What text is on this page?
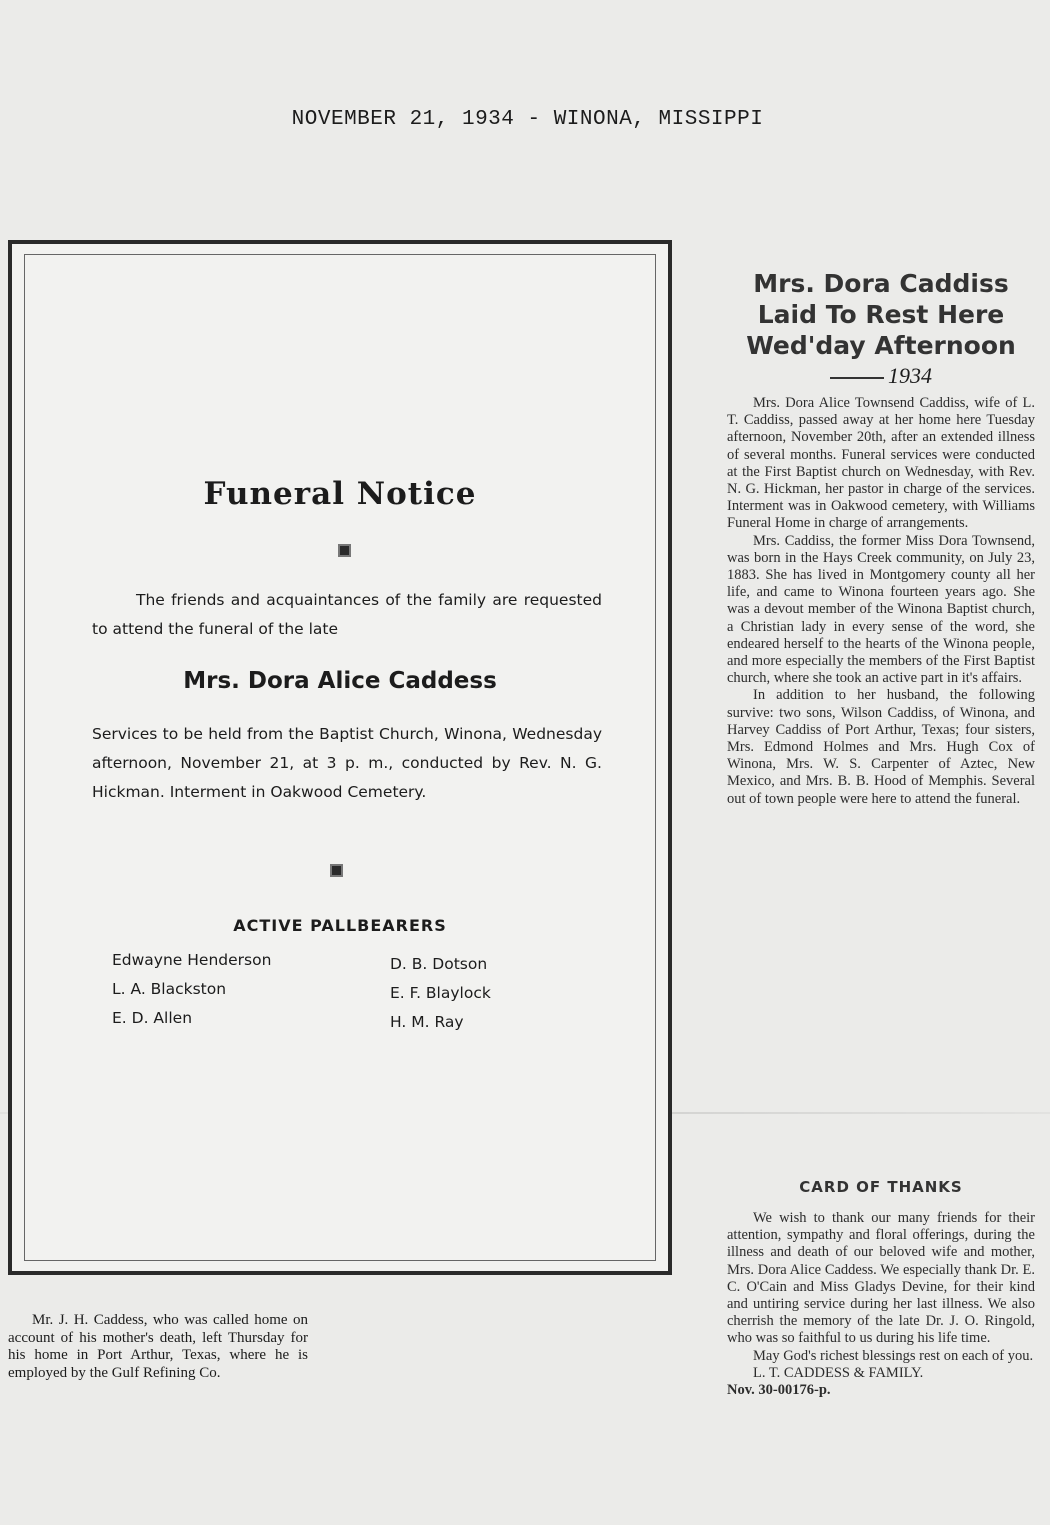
NOVEMBER 21, 1934 - WINONA, MISSIPPI
Funeral Notice
The friends and acquaintances of the family are requested to attend the funeral of the late
Mrs. Dora Alice Caddess
Services to be held from the Baptist Church, Winona, Wednesday afternoon, November 21, at 3 p. m., conducted by Rev. N. G. Hickman. Interment in Oakwood Cemetery.
ACTIVE PALLBEARERS
Edwayne Henderson
L. A. Blackston
E. D. Allen
D. B. Dotson
E. F. Blaylock
H. M. Ray
Mrs. Dora Caddiss
Laid To Rest Here
Wed'day Afternoon
1934

Mrs. Dora Alice Townsend Caddiss, wife of L. T. Caddiss, passed away at her home here Tuesday afternoon, November 20th, after an extended illness of several months. Funeral services were conducted at the First Baptist church on Wednesday, with Rev. N. G. Hickman, her pastor in charge of the services. Interment was in Oakwood cemetery, with Williams Funeral Home in charge of arrangements.

Mrs. Caddiss, the former Miss Dora Townsend, was born in the Hays Creek community, on July 23, 1883. She has lived in Montgomery county all her life, and came to Winona fourteen years ago. She was a devout member of the Winona Baptist church, a Christian lady in every sense of the word, she endeared herself to the hearts of the Winona people, and more especially the members of the First Baptist church, where she took an active part in it's affairs.

In addition to her husband, the following survive: two sons, Wilson Caddiss, of Winona, and Harvey Caddiss of Port Arthur, Texas; four sisters, Mrs. Edmond Holmes and Mrs. Hugh Cox of Winona, Mrs. W. S. Carpenter of Aztec, New Mexico, and Mrs. B. B. Hood of Memphis. Several out of town people were here to attend the funeral.

CARD OF THANKS

We wish to thank our many friends for their attention, sympathy and floral offerings, during the illness and death of our beloved wife and mother, Mrs. Dora Alice Caddess. We especially thank Dr. E. C. O'Cain and Miss Gladys Devine, for their kind and untiring service during her last illness. We also cherrish the memory of the late Dr. J. O. Ringold, who was so faithful to us during his life time.

May God's richest blessings rest on each of you.

L. T. CADDESS & FAMILY.

Nov. 30-00176-p.

Mr. J. H. Caddess, who was called home on account of his mother's death, left Thursday for his home in Port Arthur, Texas, where he is employed by the Gulf Refining Co.
